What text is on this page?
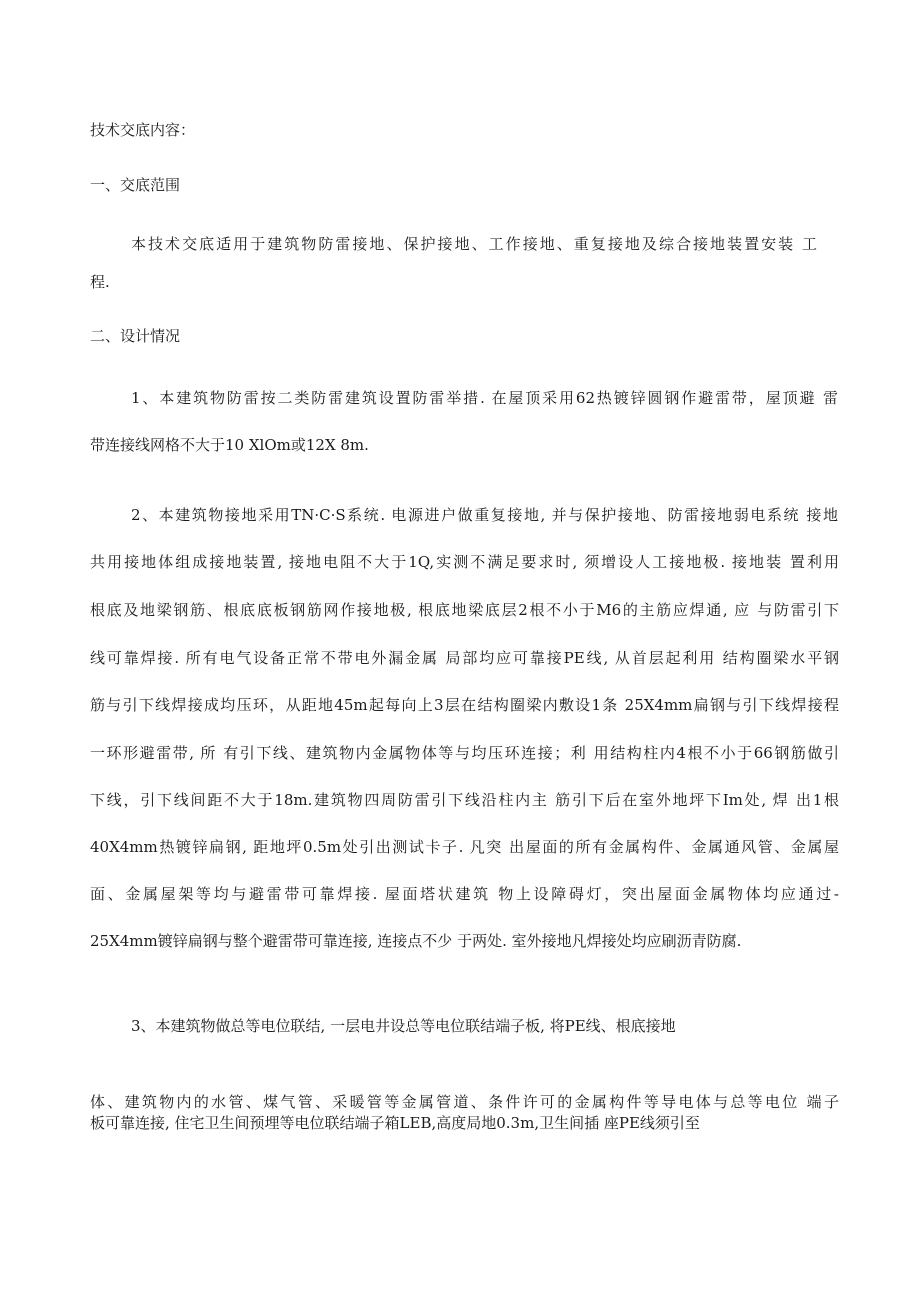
技术交底内容：
一、交底范围
本技术交底适用于建筑物防雷接地、保护接地、工作接地、重复接地及综合接地装置安装 工
程.
二、设计情况
1、本建筑物防雷按二类防雷建筑设置防雷举措. 在屋顶采用62热镀锌圆钢作避雷带，屋顶避 雷
带连接线网格不大于10 XlOm或12X 8m.
2、本建筑物接地采用TN·C·S系统. 电源进户做重复接地, 并与保护接地、防雷接地弱电系统 接地
共用接地体组成接地装置, 接地电阻不大于1Q,实测不满足要求时, 须增设人工接地极. 接地装 置利用
根底及地梁钢筋、根底底板钢筋网作接地极, 根底地梁底层2根不小于M6的主筋应焊通, 应 与防雷引下
线可靠焊接. 所有电气设备正常不带电外漏金属 局部均应可靠接PE线, 从首层起利用 结构圈梁水平钢
筋与引下线焊接成均压环，从距地45m起每向上3层在结构圈梁内敷设1条 25X4mm扁钢与引下线焊接程
一环形避雷带, 所 有引下线、建筑物内金属物体等与均压环连接；利 用结构柱内4根不小于66钢筋做引
下线，引下线间距不大于18m.建筑物四周防雷引下线沿柱内主 筋引下后在室外地坪下Im处, 焊 出1根
40X4mm热镀锌扁钢, 距地坪0.5m处引出测试卡子. 凡突 出屋面的所有金属构件、金属通风管、金属屋
面、金属屋架等均与避雷带可靠焊接. 屋面塔状建筑 物上设障碍灯，突出屋面金属物体均应通过-
25X4mm镀锌扁钢与整个避雷带可靠连接, 连接点不少 于两处. 室外接地凡焊接处均应刷沥青防腐.
3、本建筑物做总等电位联结, 一层电井设总等电位联结端子板, 将PE线、根底接地
体、建筑物内的水管、煤气管、采暖管等金属管道、条件许可的金属构件等导电体与总等电位 端子
板可靠连接, 住宅卫生间预埋等电位联结端子箱LEB,高度局地0.3m,卫生间插 座PE线须引至
